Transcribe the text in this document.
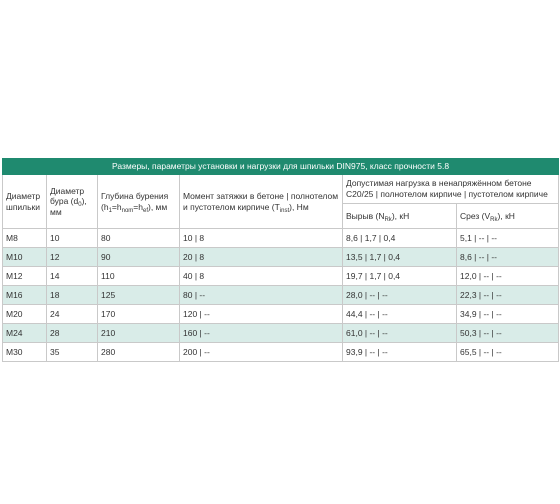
Размеры, параметры установки и нагрузки для шпильки DIN975, класс прочности 5.8					
Диаметр шпильки	Диаметр бура $(d_0)$, мм	Глубина бурения $(h_1=h_{nom}=h_{ef})$, мм	Момент затяжки в бетоне | полнотелом и пустотелом кирпиче $(T_{inst})$, Нм	Допустимая нагрузка в ненапряжённом бетоне C20/25 | полнотелом кирпиче | пустотелом кирпиче	
				Вырыв $(N_{Rk})$, кН	Срез $(V_{Rk})$, кН
M8	10	80	10 | 8	8,6 | 1,7 | 0,4	5,1 | -- | --
M10	12	90	20 | 8	13,5 | 1,7 | 0,4	8,6 | -- | --
M12	14	110	40 | 8	19,7 | 1,7 | 0,4	12,0 | -- | --
M16	18	125	80 | --	28,0 | -- | --	22,3 | -- | --
M20	24	170	120 | --	44,4 | -- | --	34,9 | -- | --
M24	28	210	160 | --	61,0 | -- | --	50,3 | -- | --
M30	35	280	200 | --	93,9 | -- | --	65,5 | -- | --
